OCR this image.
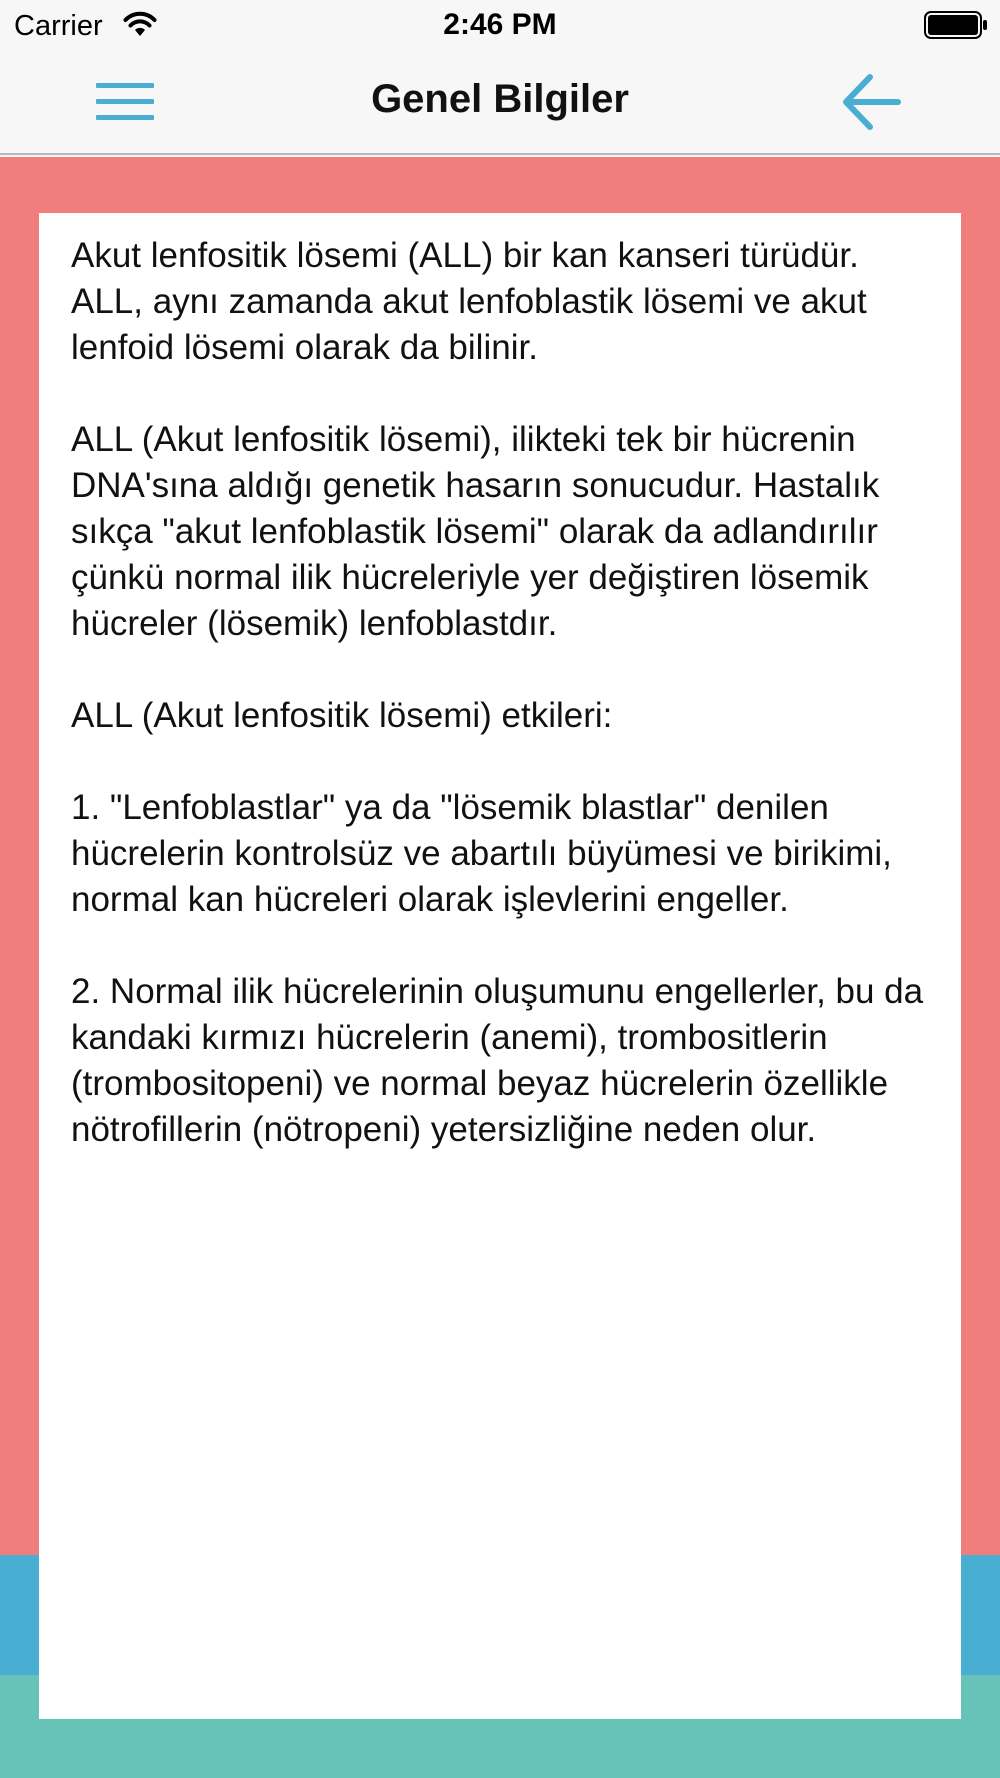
Carrier	2:46 PM
Genel Bilgiler

Akut lenfositik lösemi (ALL) bir kan kanseri türüdür. ALL, aynı zamanda akut lenfoblastik lösemi ve akut lenfoid lösemi olarak da bilinir.

ALL (Akut lenfositik lösemi), ilikteki tek bir hücrenin DNA'sına aldığı genetik hasarın sonucudur. Hastalık sıkça "akut lenfoblastik lösemi" olarak da adlandırılır çünkü normal ilik hücreleriyle yer değiştiren lösemik hücreler (lösemik) lenfoblastdır.

ALL (Akut lenfositik lösemi) etkileri:

1. "Lenfoblastlar" ya da "lösemik blastlar" denilen hücrelerin kontrolsüz ve abartılı büyümesi ve birikimi, normal kan hücreleri olarak işlevlerini engeller.

2. Normal ilik hücrelerinin oluşumunu engellerler, bu da kandaki kırmızı hücrelerin (anemi), trombositlerin (trombositopeni) ve normal beyaz hücrelerin özellikle nötrofillerin (nötropeni) yetersizliğine neden olur.
